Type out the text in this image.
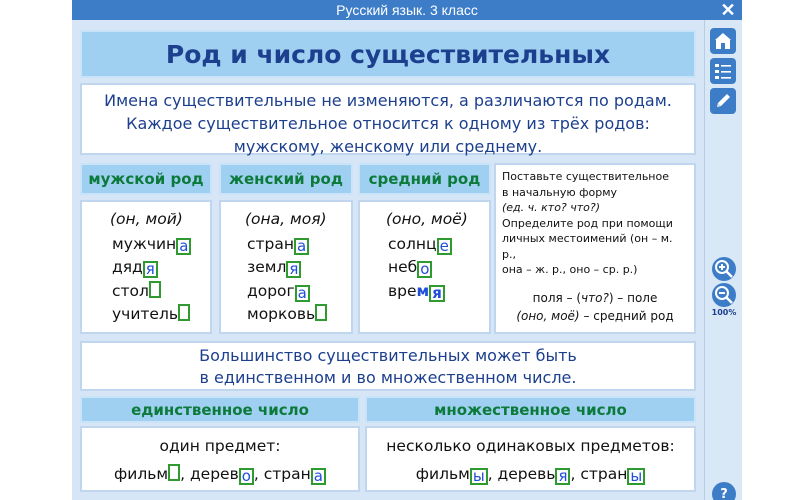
Русский язык. 3 класс	✕
Род и число существительных
Имена существительные не изменяются, а различаются по родам.
Каждое существительное относится к одному из трёх родов:
мужскому, женскому или среднему.
мужской род	женский род	средний род
(он, мой)
мужчин а
дяд я
стол
учитель
(она, моя)
стран а
земл я
дорог а
морковь
(оно, моё)
солнц е
неб о
врем я
Поставьте существительное
в начальную форму
(ед. ч. кто? что?)
Определите род при помощи
личных местоимений (он – м. р.,
она – ж. р., оно – ср. р.)
поля – (что?) – поле
(оно, моё) – средний род
Большинство существительных может быть
в единственном и во множественном числе.
единственное число	множественное число
один предмет:
фильм , дерев о , стран а
несколько одинаковых предметов:
фильм ы , деревь я , стран ы
100%
?
